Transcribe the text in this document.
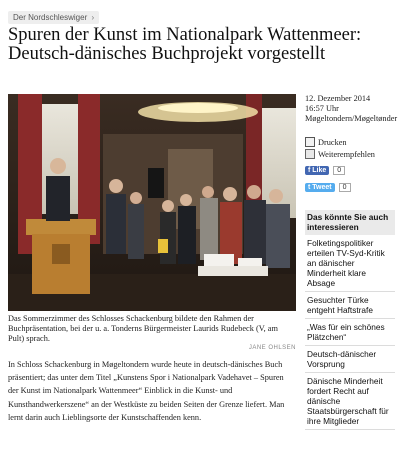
Der Nordschleswiger ›
Spuren der Kunst im Nationalpark Wattenmeer: Deutsch-dänisches Buchprojekt vorgestellt
Das Sommerzimmer des Schlosses Schackenburg bildete den Rahmen der Buchpräsentation, bei der u. a. Tonderns Bürgermeister Laurids Rudebeck (V, am Pult) sprach.
JANE OHLSEN
In Schloss Schackenburg in Møgeltondern wurde heute in deutsch-dänisches Buch präsentiert; das unter dem Titel „Kunstens Spor i Nationalpark Vadehavet – Spuren der Kunst im Nationalpark Wattenmeer“ Einblick in die Kunst- und Kunsthandwerkerszene“ an der Westküste zu beiden Seiten der Grenze liefert. Man lernt darin auch Lieblingsorte der Kunstschaffenden kenn.
12. Dezember 2014
16:57 Uhr
Møgeltondern/Møgeltønder
Drucken
Weiterempfehlen
f Like	0
t Tweet	0
Das könnte Sie auch interessieren
Folketingspolitiker erteilen TV-Syd-Kritik an dänischer Minderheit klare Absage
Gesuchter Türke entgeht Haftstrafe
„Was für ein schönes Plätzchen“
Deutsch-dänischer Vorsprung
Dänische Minderheit fordert Recht auf dänische Staatsbürgerschaft für ihre Mitglieder
